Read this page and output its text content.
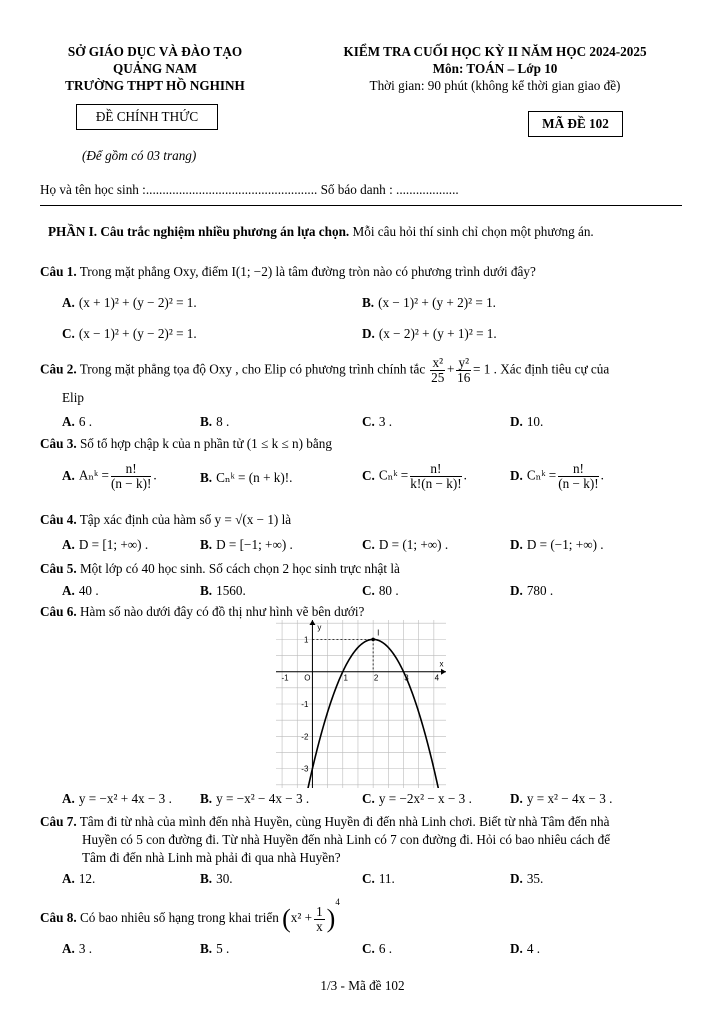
SỞ GIÁO DỤC VÀ ĐÀO TẠO
QUẢNG NAM
TRƯỜNG THPT HỒ NGHINH
KIỂM TRA CUỐI HỌC KỲ II NĂM HỌC 2024-2025
Môn: TOÁN – Lớp 10
Thời gian: 90 phút (không kể thời gian giao đề)
ĐỀ CHÍNH THỨC	MÃ ĐỀ 102
(Để gồm có 03 trang)
Họ và tên học sinh :.................................................... Số báo danh : ...................
PHẦN I. Câu trắc nghiệm nhiều phương án lựa chọn. Mỗi câu hỏi thí sinh chỉ chọn một phương án.
Câu 1. Trong mặt phẳng Oxy, điểm I(1; −2) là tâm đường tròn nào có phương trình dưới đây?
A. (x + 1)² + (y − 2)² = 1.	B. (x − 1)² + (y + 2)² = 1.
C. (x − 1)² + (y − 2)² = 1.	D. (x − 2)² + (y + 1)² = 1.
Câu 2. Trong mặt phẳng tọa độ Oxy , cho Elip có phương trình chính tắc $\frac{\text{x²}}{25} + \frac{\text{y²}}{16} = 1$ . Xác định tiêu cự của
Elip
A. 6 .	B. 8 .	C. 3 .	D. 10.
Câu 3. Số tổ hợp chập k của n phần tử (1 ≤ k ≤ n) bằng
A. Aₙᵏ = $\frac{n!}{(n - k)!}$ .	B. Cₙᵏ = (n + k)!.	C. Cₙᵏ = $\frac{n!}{k!(n - k)!}$ .	D. Cₙᵏ = $\frac{n!}{(n - k)!}$ .
Câu 4. Tập xác định của hàm số y = √(x − 1) là
A. D = [1; +∞) .	B. D = [−1; +∞) .	C. D = (1; +∞) .	D. D = (−1; +∞) .
Câu 5. Một lớp có 40 học sinh. Số cách chọn 2 học sinh trực nhật là
A. 40 .	B. 1560.	C. 80 .	D. 780 .
Câu 6. Hàm số nào dưới đây có đồ thị như hình vẽ bên dưới?
-1	1	2	3	4
1
-1
-2
-3
O
x
y
I
A. y = −x² + 4x − 3 . B. y = −x² − 4x − 3 .	C. y = −2x² − x − 3 .	D. y = x² − 4x − 3 .
Câu 7. Tâm đi từ nhà của mình đến nhà Huyền, cùng Huyền đi đến nhà Linh chơi. Biết từ nhà Tâm đến nhà
Huyền có 5 con đường đi. Từ nhà Huyền đến nhà Linh có 7 con đường đi. Hỏi có bao nhiêu cách để
Tâm đi đến nhà Linh mà phải đi qua nhà Huyền?
A. 12.	B. 30.	C. 11.	D. 35.
Câu 8. Có bao nhiêu số hạng trong khai triển $(x^2 + \frac{1}{x} )^4$
A. 3 .	B. 5 .	C. 6 .	D. 4 .
1/3 - Mã đề 102
